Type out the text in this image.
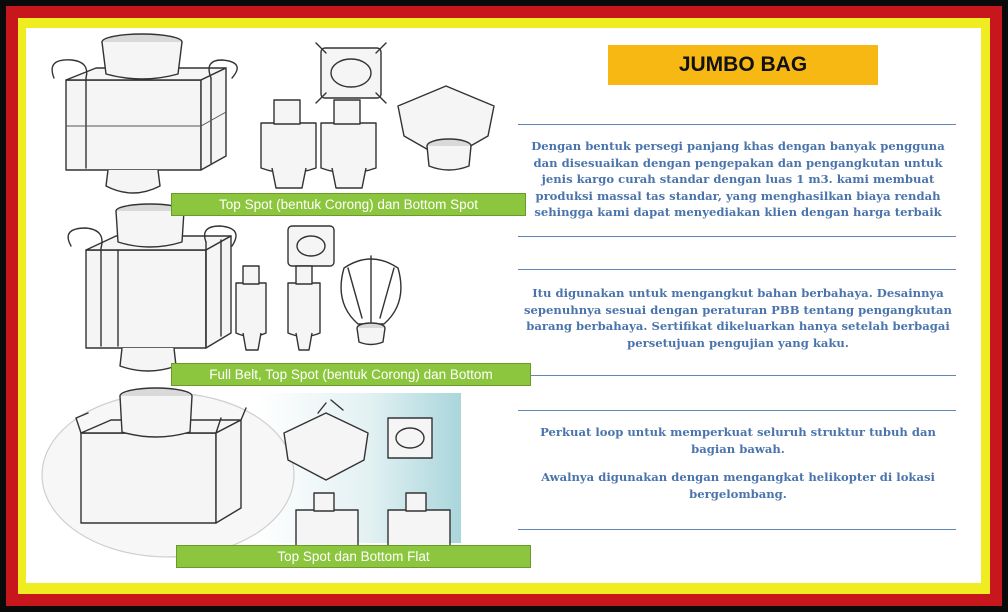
JUMBO BAG

Dengan bentuk persegi panjang khas dengan banyak pengguna dan disesuaikan dengan pengepakan dan pengangkutan untuk jenis kargo curah standar dengan luas 1 m3. kami membuat produksi massal tas standar, yang menghasilkan biaya rendah sehingga kami dapat menyediakan klien dengan harga terbaik

Itu digunakan untuk mengangkut bahan berbahaya. Desainnya sepenuhnya sesuai dengan peraturan PBB tentang pengangkutan barang berbahaya. Sertifikat dikeluarkan hanya setelah berbagai persetujuan pengujian yang kaku.

Perkuat loop untuk memperkuat seluruh struktur tubuh dan bagian bawah.

Awalnya digunakan dengan mengangkat helikopter di lokasi bergelombang.

Top Spot (bentuk Corong) dan Bottom Spot
Full Belt, Top Spot (bentuk Corong) dan Bottom
Top Spot dan Bottom Flat
